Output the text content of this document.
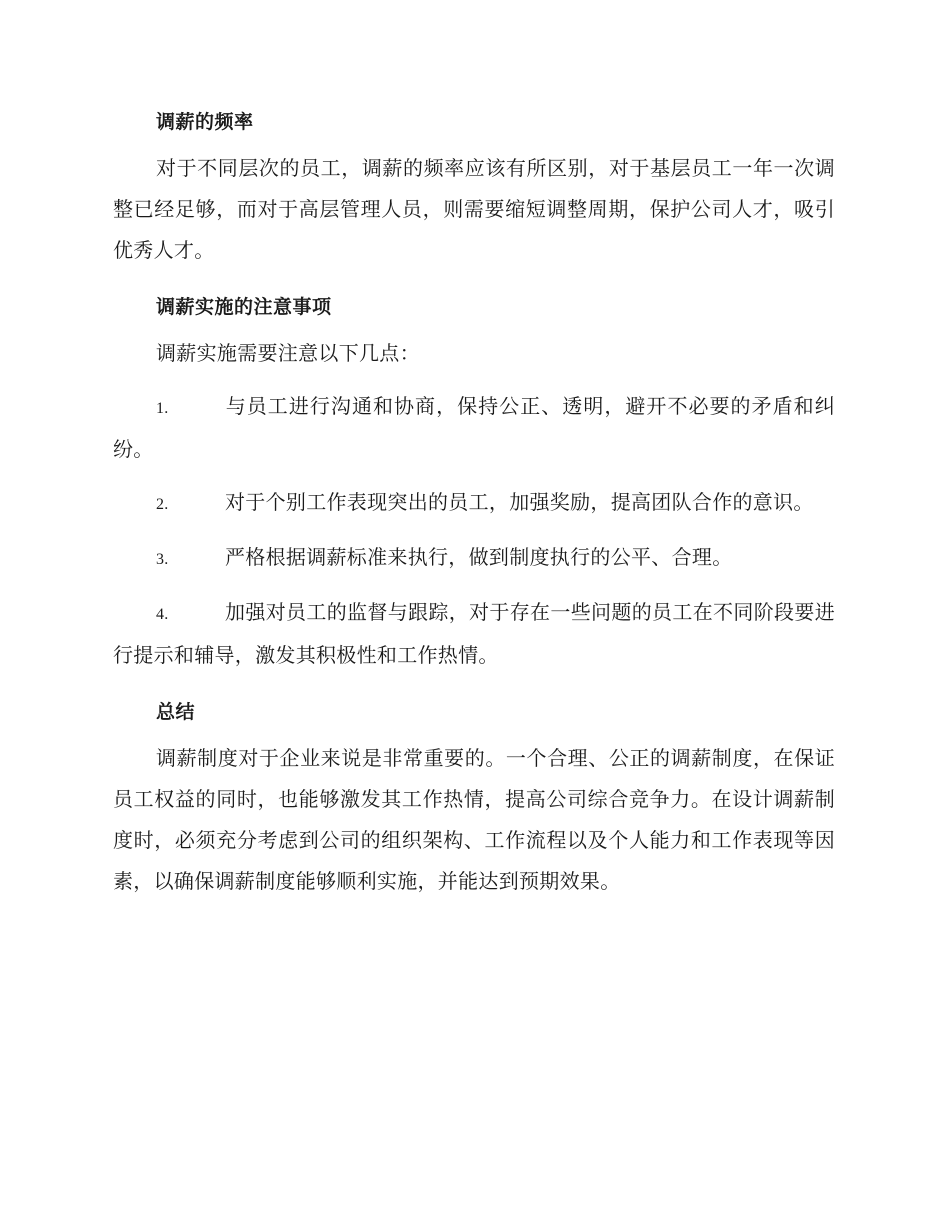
调薪的频率

对于不同层次的员工，调薪的频率应该有所区别，对于基层员工一年一次调整已经足够，而对于高层管理人员，则需要缩短调整周期，保护公司人才，吸引优秀人才。

调薪实施的注意事项

调薪实施需要注意以下几点：

1.	与员工进行沟通和协商，保持公正、透明，避开不必要的矛盾和纠纷。

2.	对于个别工作表现突出的员工，加强奖励，提高团队合作的意识。

3.	严格根据调薪标准来执行，做到制度执行的公平、合理。

4.	加强对员工的监督与跟踪，对于存在一些问题的员工在不同阶段要进行提示和辅导，激发其积极性和工作热情。

总结

调薪制度对于企业来说是非常重要的。一个合理、公正的调薪制度，在保证员工权益的同时，也能够激发其工作热情，提高公司综合竞争力。在设计调薪制度时，必须充分考虑到公司的组织架构、工作流程以及个人能力和工作表现等因素，以确保调薪制度能够顺利实施，并能达到预期效果。
